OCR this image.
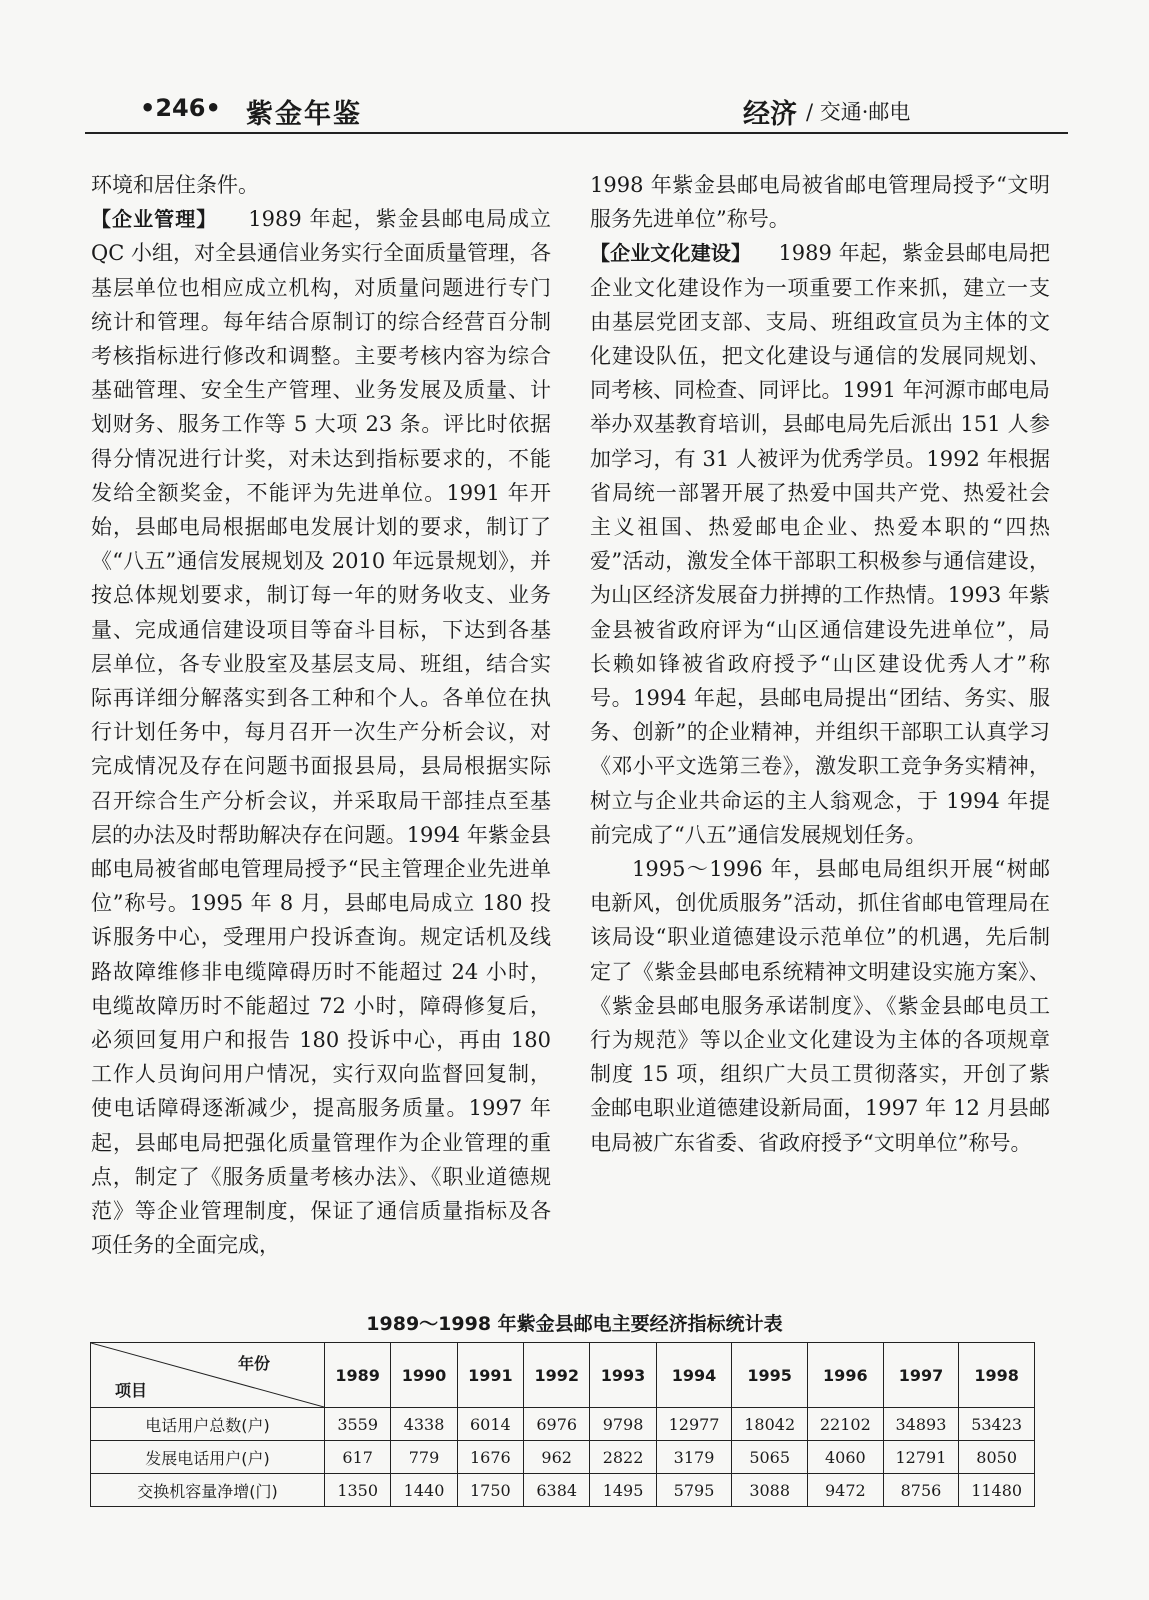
•246• 紫金年鉴	经济 / 交通·邮电

环境和居住条件。

【企业管理】 1989 年起，紫金县邮电局成立 QC 小组，对全县通信业务实行全面质量管理，各基层单位也相应成立机构，对质量问题进行专门统计和管理。每年结合原制订的综合经营百分制考核指标进行修改和调整。主要考核内容为综合基础管理、安全生产管理、业务发展及质量、计划财务、服务工作等 5 大项 23 条。评比时依据得分情况进行计奖，对未达到指标要求的，不能发给全额奖金，不能评为先进单位。1991 年开始，县邮电局根据邮电发展计划的要求，制订了《“八五”通信发展规划及 2010 年远景规划》，并按总体规划要求，制订每一年的财务收支、业务量、完成通信建设项目等奋斗目标，下达到各基层单位，各专业股室及基层支局、班组，结合实际再详细分解落实到各工种和个人。各单位在执行计划任务中，每月召开一次生产分析会议，对完成情况及存在问题书面报县局，县局根据实际召开综合生产分析会议，并采取局干部挂点至基层的办法及时帮助解决存在问题。1994 年紫金县邮电局被省邮电管理局授予“民主管理企业先进单位”称号。1995 年 8 月，县邮电局成立 180 投诉服务中心，受理用户投诉查询。规定话机及线路故障维修非电缆障碍历时不能超过 24 小时，电缆故障历时不能超过 72 小时，障碍修复后，必须回复用户和报告 180 投诉中心，再由 180 工作人员询问用户情况，实行双向监督回复制，使电话障碍逐渐减少，提高服务质量。1997 年起，县邮电局把强化质量管理作为企业管理的重点，制定了《服务质量考核办法》、《职业道德规范》等企业管理制度，保证了通信质量指标及各项任务的全面完成，

1998 年紫金县邮电局被省邮电管理局授予“文明服务先进单位”称号。

【企业文化建设】 1989 年起，紫金县邮电局把企业文化建设作为一项重要工作来抓，建立一支由基层党团支部、支局、班组政宣员为主体的文化建设队伍，把文化建设与通信的发展同规划、同考核、同检查、同评比。1991 年河源市邮电局举办双基教育培训，县邮电局先后派出 151 人参加学习，有 31 人被评为优秀学员。1992 年根据省局统一部署开展了热爱中国共产党、热爱社会主义祖国、热爱邮电企业、热爱本职的“四热爱”活动，激发全体干部职工积极参与通信建设，为山区经济发展奋力拼搏的工作热情。1993 年紫金县被省政府评为“山区通信建设先进单位”，局长赖如锋被省政府授予“山区建设优秀人才”称号。1994 年起，县邮电局提出“团结、务实、服务、创新”的企业精神，并组织干部职工认真学习《邓小平文选第三卷》，激发职工竞争务实精神，树立与企业共命运的主人翁观念，于 1994 年提前完成了“八五”通信发展规划任务。

1995～1996 年，县邮电局组织开展“树邮电新风，创优质服务”活动，抓住省邮电管理局在该局设“职业道德建设示范单位”的机遇，先后制定了《紫金县邮电系统精神文明建设实施方案》、《紫金县邮电服务承诺制度》、《紫金县邮电员工行为规范》等以企业文化建设为主体的各项规章制度 15 项，组织广大员工贯彻落实，开创了紫金邮电职业道德建设新局面，1997 年 12 月县邮电局被广东省委、省政府授予“文明单位”称号。

1989～1998 年紫金县邮电主要经济指标统计表
年份
项目	1989	1990	1991	1992	1993	1994	1995	1996	1997	1998
电话用户总数(户)	3559	4338	6014	6976	9798	12977	18042	22102	34893	53423
发展电话用户(户)	617	779	1676	962	2822	3179	5065	4060	12791	8050
交换机容量净增(门)	1350	1440	1750	6384	1495	5795	3088	9472	8756	11480
